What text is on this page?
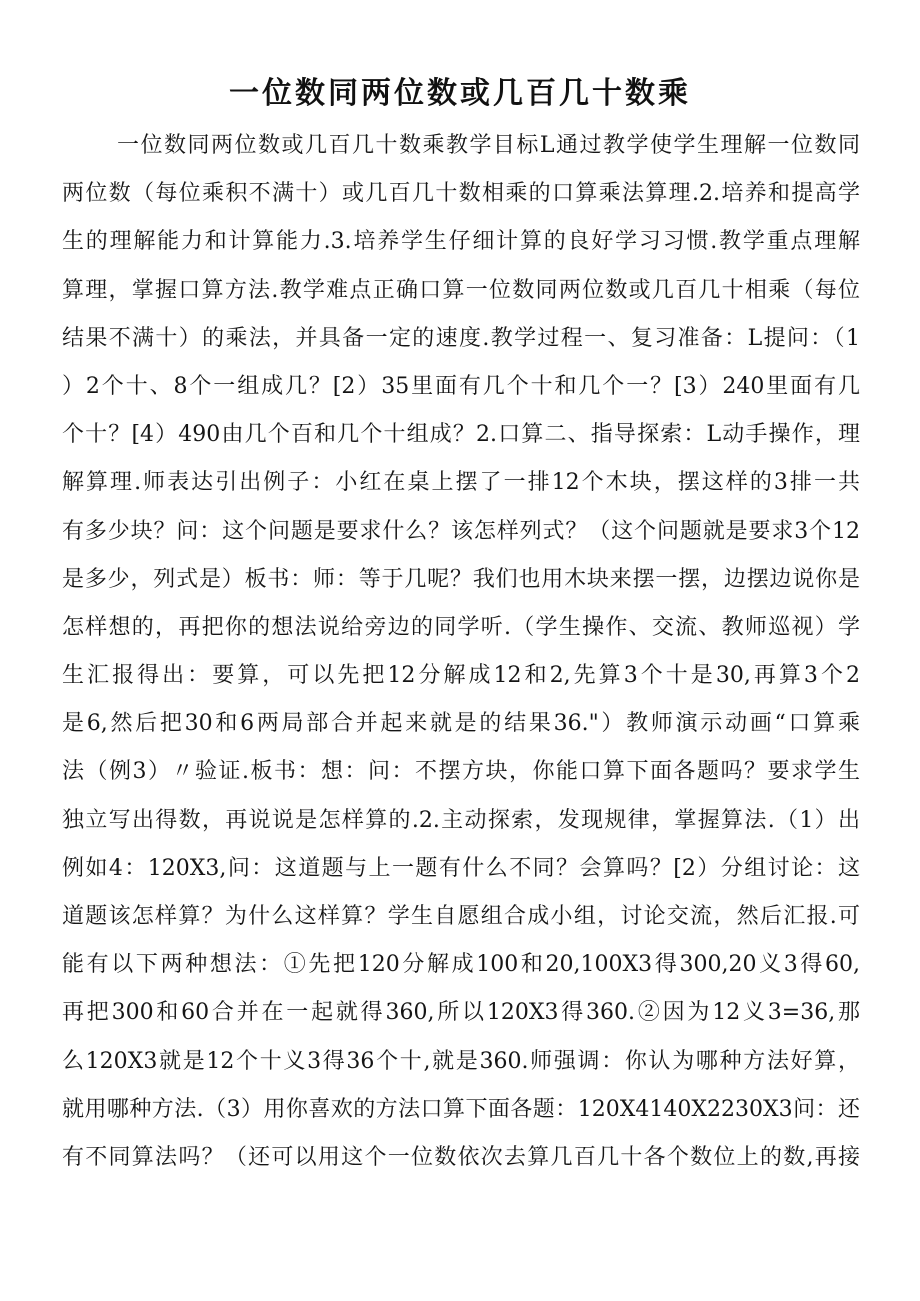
一位数同两位数或几百几十数乘
一位数同两位数或几百几十数乘教学目标L通过教学使学生理解一位数同
两位数（每位乘积不满十）或几百几十数相乘的口算乘法算理.2.培养和提高学
生的理解能力和计算能力.3.培养学生仔细计算的良好学习习惯.教学重点理解
算理，掌握口算方法.教学难点正确口算一位数同两位数或几百几十相乘（每位
结果不满十）的乘法，并具备一定的速度.教学过程一、复习准备：L提问：（1
）2个十、8个一组成几？[2）35里面有几个十和几个一？[3）240里面有几
个十？[4）490由几个百和几个十组成？2.口算二、指导探索：L动手操作，理
解算理.师表达引出例子：小红在桌上摆了一排12个木块，摆这样的3排一共
有多少块？问：这个问题是要求什么？该怎样列式？（这个问题就是要求3个12
是多少，列式是）板书：师：等于几呢？我们也用木块来摆一摆，边摆边说你是
怎样想的，再把你的想法说给旁边的同学听.（学生操作、交流、教师巡视）学
生汇报得出：要算，可以先把12分解成12和2,先算3个十是30,再算3个2
是6,然后把30和6两局部合并起来就是的结果36."）教师演示动画“口算乘
法（例3）〃验证.板书：想：问：不摆方块，你能口算下面各题吗？要求学生
独立写出得数，再说说是怎样算的.2.主动探索，发现规律，掌握算法.（1）出
例如4：120X3,问：这道题与上一题有什么不同？会算吗？[2）分组讨论：这
道题该怎样算？为什么这样算？学生自愿组合成小组，讨论交流，然后汇报.可
能有以下两种想法：①先把120分解成100和20,100X3得300,20义3得60,
再把300和60合并在一起就得360,所以120X3得360.②因为12义3=36,那
么120X3就是12个十义3得36个十,就是360.师强调：你认为哪种方法好算，
就用哪种方法.（3）用你喜欢的方法口算下面各题：120X4140X2230X3问：还
有不同算法吗？（还可以用这个一位数依次去算几百几十各个数位上的数,再接
